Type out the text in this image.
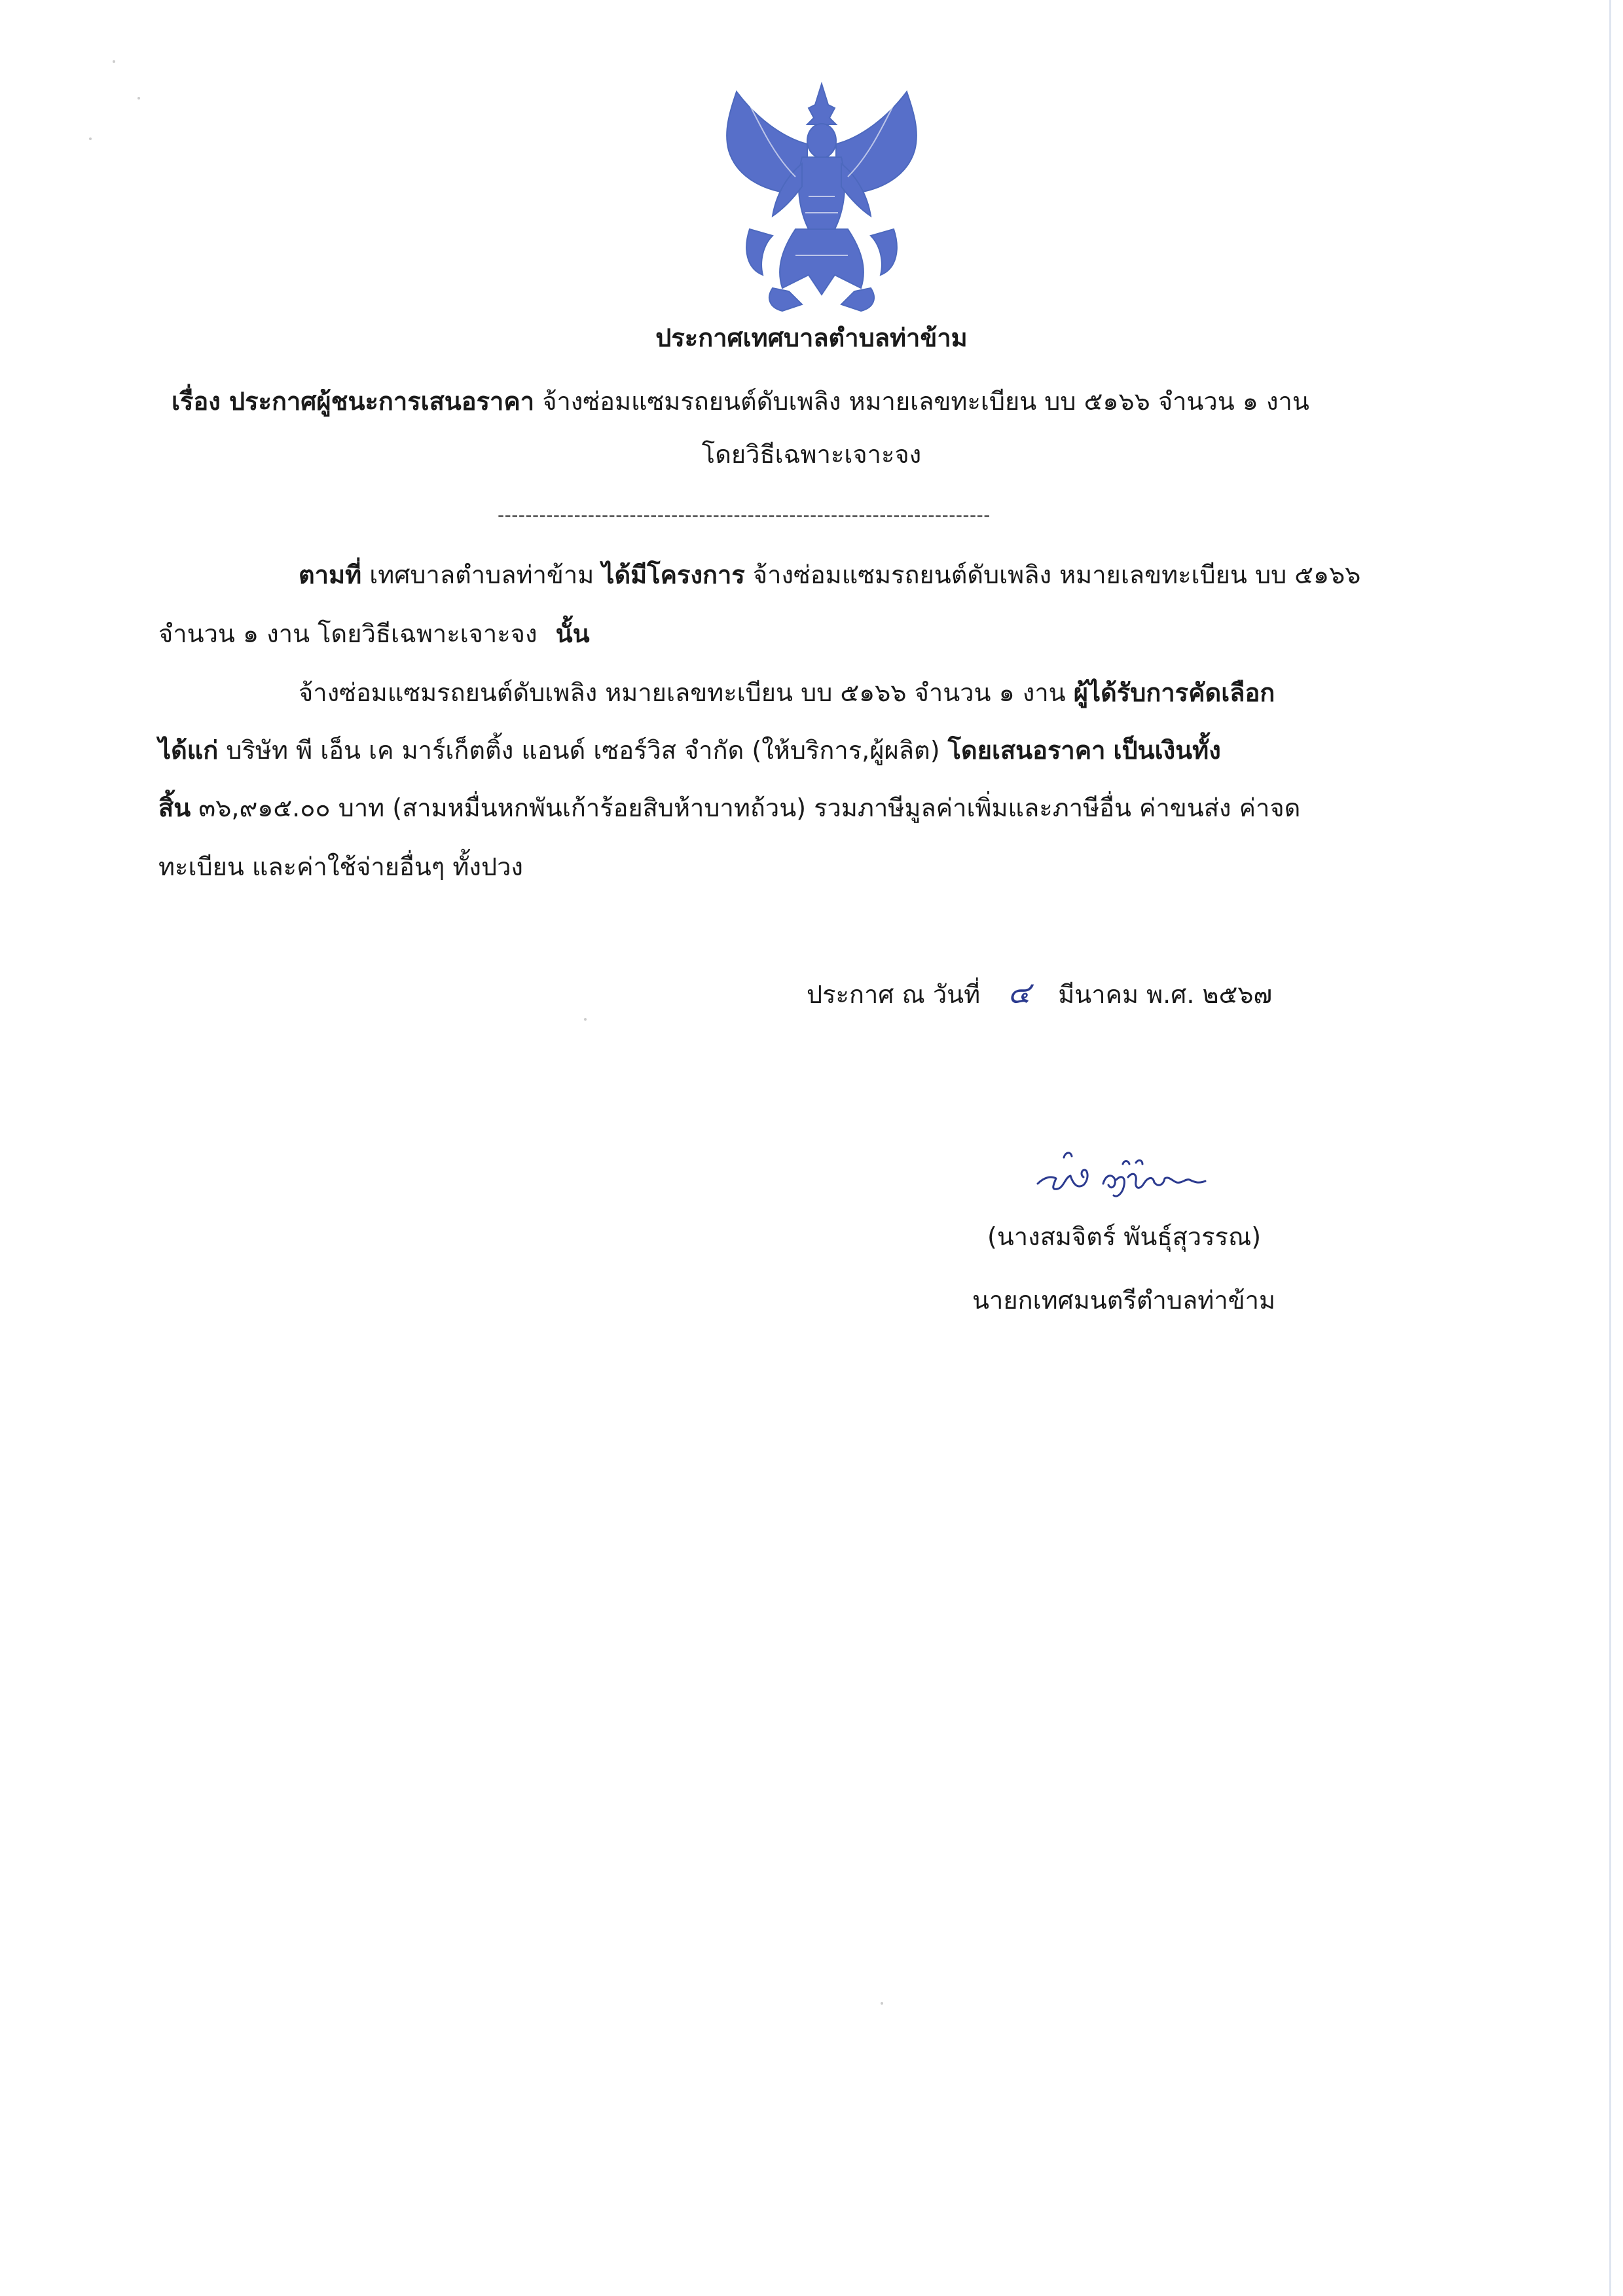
ประกาศเทศบาลตำบลท่าข้าม
เรื่อง ประกาศผู้ชนะการเสนอราคา จ้างซ่อมแซมรถยนต์ดับเพลิง หมายเลขทะเบียน บบ ๕๑๖๖ จำนวน ๑ งาน
โดยวิธีเฉพาะเจาะจง
-----------------------------------------------------------------------
ตามที่ เทศบาลตำบลท่าข้าม ได้มีโครงการ จ้างซ่อมแซมรถยนต์ดับเพลิง หมายเลขทะเบียน บบ ๕๑๖๖
จำนวน ๑ งาน โดยวิธีเฉพาะเจาะจง นั้น
จ้างซ่อมแซมรถยนต์ดับเพลิง หมายเลขทะเบียน บบ ๕๑๖๖ จำนวน ๑ งาน ผู้ได้รับการคัดเลือก
ได้แก่ บริษัท พี เอ็น เค มาร์เก็ตติ้ง แอนด์ เซอร์วิส จำกัด (ให้บริการ,ผู้ผลิต) โดยเสนอราคา เป็นเงินทั้ง
สิ้น ๓๖,๙๑๕.๐๐ บาท (สามหมื่นหกพันเก้าร้อยสิบห้าบาทถ้วน) รวมภาษีมูลค่าเพิ่มและภาษีอื่น ค่าขนส่ง ค่าจด
ทะเบียน และค่าใช้จ่ายอื่นๆ ทั้งปวง
ประกาศ ณ วันที่ ๔ มีนาคม พ.ศ. ๒๕๖๗
(นางสมจิตร์ พันธุ์สุวรรณ)
นายกเทศมนตรีตำบลท่าข้าม
